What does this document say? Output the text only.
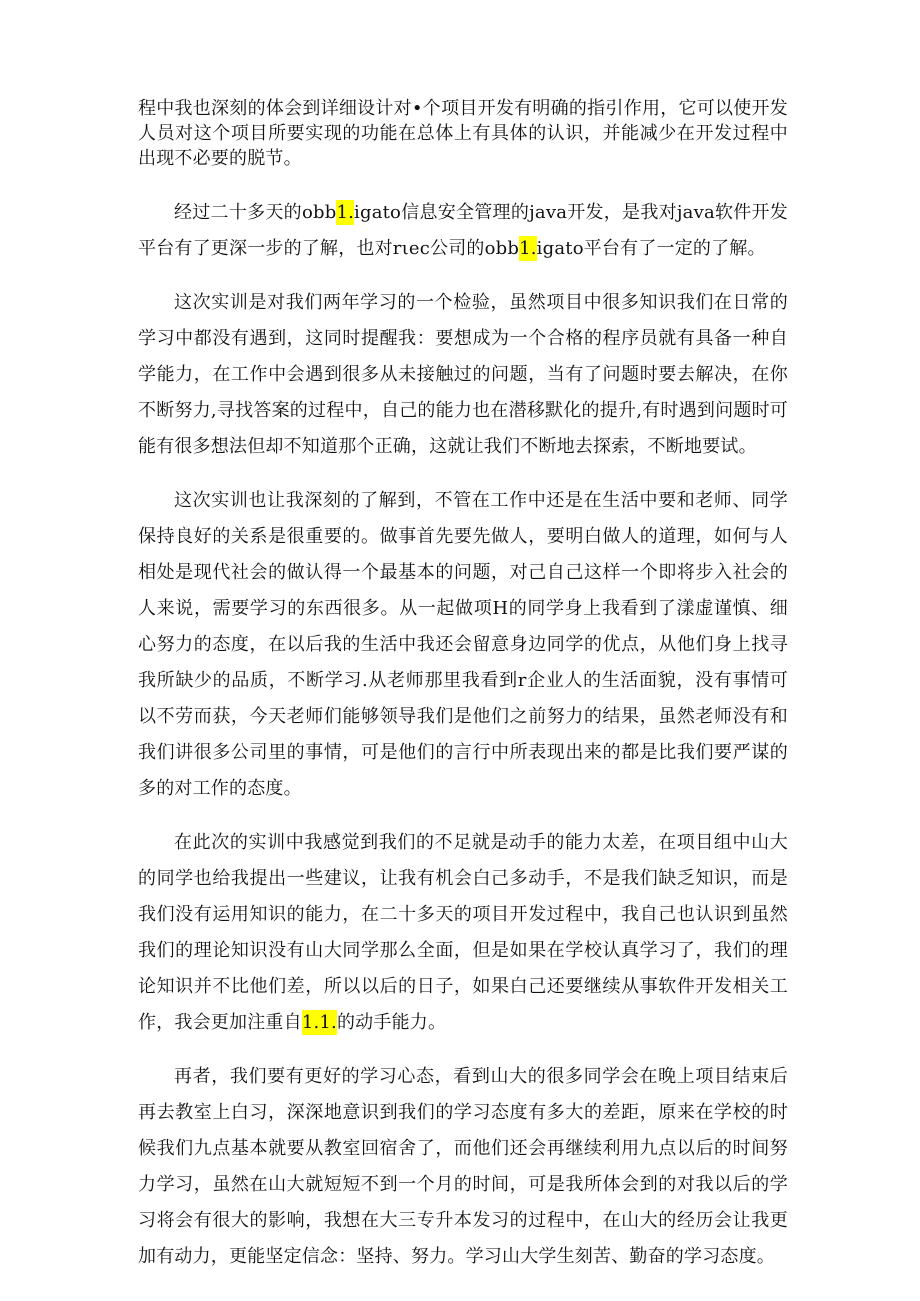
程中我也深刻的体会到详细设计对•个项目开发有明确的指引作用，它可以使开发人员对这个项目所要实现的功能在总体上有具体的认识，并能减少在开发过程中出现不必要的脱节。

经过二十多天的obb1.igato信息安全管理的java开发，是我对java软件开发平台有了更深一步的了解，也对rιec公司的obb1.igato平台有了一定的了解。

这次实训是对我们两年学习的一个检验，虽然项目中很多知识我们在日常的学习中都没有遇到，这同时提醒我：要想成为一个合格的程序员就有具备一种自学能力，在工作中会遇到很多从未接触过的问题，当有了问题时要去解决，在你不断努力,寻找答案的过程中，自己的能力也在潜移默化的提升,有时遇到问题时可能有很多想法但却不知道那个正确，这就让我们不断地去探索，不断地要试。

这次实训也让我深刻的了解到，不管在工作中还是在生活中要和老师、同学保持良好的关系是很重要的。做事首先要先做人，要明白做人的道理，如何与人相处是现代社会的做认得一个最基本的问题，对己自己这样一个即将步入社会的人来说，需要学习的东西很多。从一起做项H的同学身上我看到了漾虚谨慎、细心努力的态度，在以后我的生活中我还会留意身边同学的优点，从他们身上找寻我所缺少的品质，不断学习.从老师那里我看到r企业人的生活面貌，没有事情可以不劳而获，今天老师们能够领导我们是他们之前努力的结果，虽然老师没有和我们讲很多公司里的事情，可是他们的言行中所表现出来的都是比我们要严谋的多的对工作的态度。

在此次的实训中我感觉到我们的不足就是动手的能力太差，在项目组中山大的同学也给我提出一些建议，让我有机会白己多动手，不是我们缺乏知识，而是我们没有运用知识的能力，在二十多天的项目开发过程中，我自己也认识到虽然我们的理论知识没有山大同学那么全面，但是如果在学校认真学习了，我们的理论知识并不比他们差，所以以后的日子，如果白己还要继续从事软件开发相关工作，我会更加注重自1.1.的动手能力。

再者，我们要有更好的学习心态，看到山大的很多同学会在晚上项目结束后再去教室上白习，深深地意识到我们的学习态度有多大的差距，原来在学校的时候我们九点基本就要从教室回宿舍了，而他们还会再继续利用九点以后的时间努力学习，虽然在山大就短短不到一个月的时间，可是我所体会到的对我以后的学习将会有很大的影响，我想在大三专升本发习的过程中，在山大的经历会让我更加有动力，更能坚定信念：坚持、努力。学习山大学生刻苦、勤奋的学习态度。
